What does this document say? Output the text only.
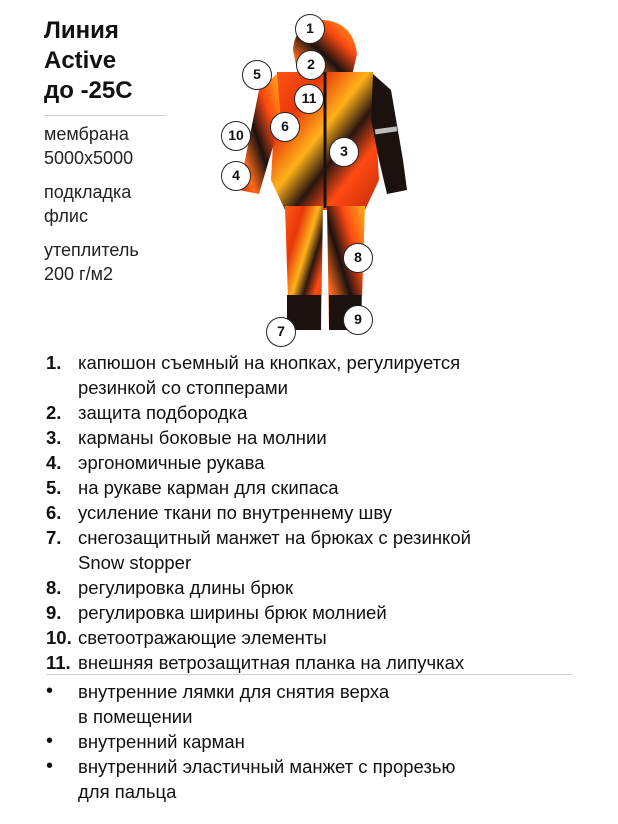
Линия
Active
до -25С
мембрана
5000х5000
подкладка
флис
утеплитель
200 г/м2
1
2
3
4
5
6
7
8
9
10
11
1. капюшон съемный на кнопках, регулируется
резинкой со стопперами
2. защита подбородка
3. карманы боковые на молнии
4. эргономичные рукава
5. на рукаве карман для скипаса
6. усиление ткани по внутреннему шву
7. снегозащитный манжет на брюках с резинкой
Snow stopper
8. регулировка длины брюк
9. регулировка ширины брюк молнией
10. светоотражающие элементы
11. внешняя ветрозащитная планка на липучках
•	внутренние лямки для снятия верха
в помещении
•	внутренний карман
•	внутренний эластичный манжет с прорезью
для пальца
